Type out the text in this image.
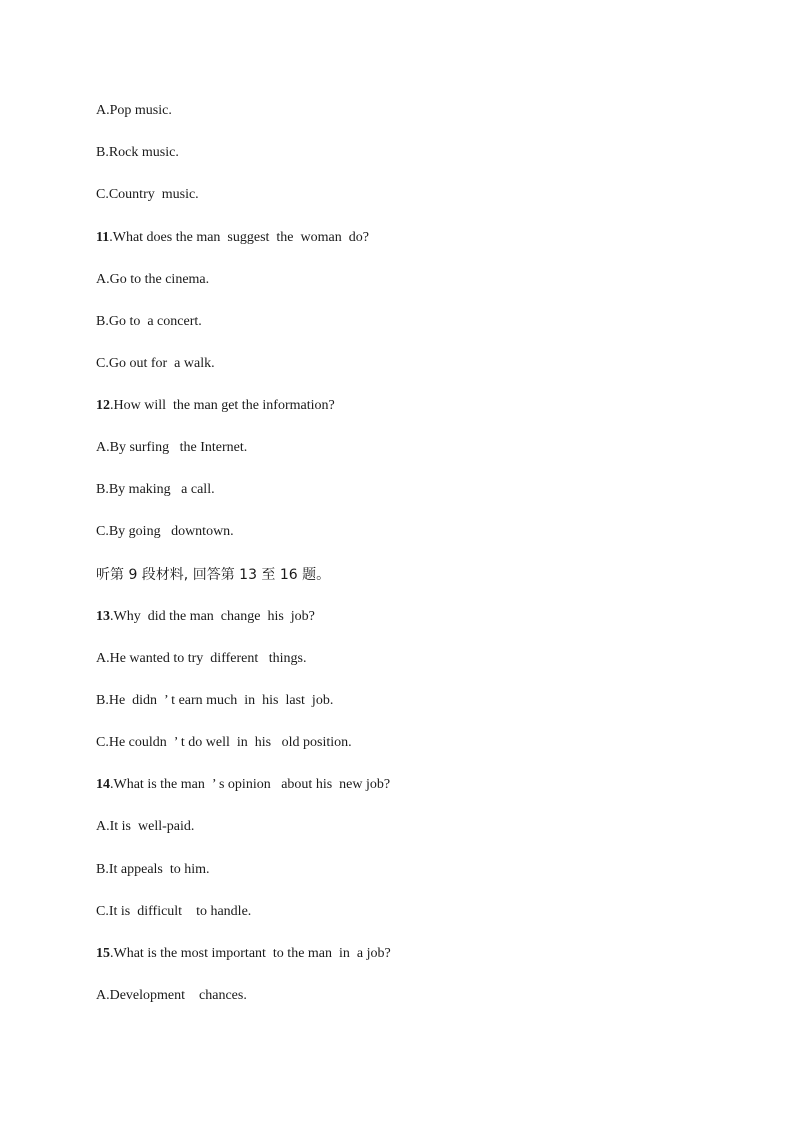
A.Pop music.
B.Rock music.
C.Country  music.
11.What does the man  suggest  the  woman  do?
A.Go to the cinema.
B.Go to  a concert.
C.Go out for  a walk.
12.How will  the man get the information?
A.By surfing   the Internet.
B.By making   a call.
C.By going   downtown.
听第 9 段材料, 回答第 13 至 16 题。
13.Why  did the man  change  his  job?
A.He wanted to try  different   things.
B.He  didn  ’ t earn much  in  his  last  job.
C.He couldn  ’ t do well  in  his   old position.
14.What is the man  ’ s opinion   about his  new job?
A.It is  well-paid.
B.It appeals  to him.
C.It is  difficult    to handle.
15.What is the most important  to the man  in  a job?
A.Development    chances.
